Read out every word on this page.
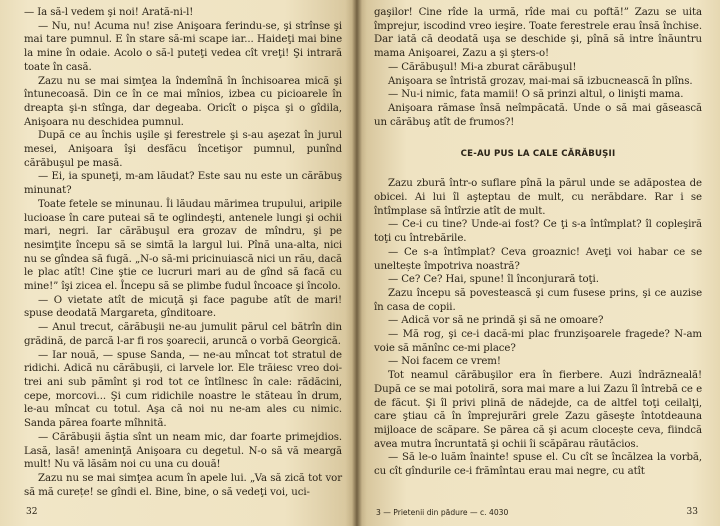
— Ia să-l vedem şi noi! Arată-ni-l!

— Nu, nu! Acuma nu! zise Anişoara ferindu-se, şi strînse şi mai tare pumnul. E în stare să-mi scape iar... Haideţi mai bine la mine în odaie. Acolo o să-l puteţi vedea cît vreţi! Şi intrară toate în casă.

Zazu nu se mai simţea la îndemînă în închisoarea mică şi întunecoasă. Din ce în ce mai mînios, izbea cu picioarele în dreapta şi-n stînga, dar degeaba. Oricît o pişca şi o gîdila, Anişoara nu deschidea pumnul.

După ce au închis uşile şi ferestrele şi s-au aşezat în jurul mesei, Anişoara îşi desfăcu încetişor pumnul, punînd cărăbuşul pe masă.

— Ei, ia spuneţi, m-am lăudat? Este sau nu este un cărăbuş minunat?

Toate fetele se minunau. Îi lăudau mărimea trupului, aripile lucioase în care puteai să te oglindeşti, antenele lungi şi ochii mari, negri. Iar cărăbuşul era grozav de mîndru, şi pe nesimţite începu să se simtă la largul lui. Pînă una-alta, nici nu se gîndea să fugă. „N-o să-mi pricinuiască nici un rău, dacă le plac atît! Cine ştie ce lucruri mari au de gînd să facă cu mine!” îşi zicea el. Începu să se plimbe fudul încoace şi încolo.

— O vietate atît de micuţă şi face pagube atît de mari! spuse deodată Margareta, gînditoare.

— Anul trecut, cărăbuşii ne-au jumulit părul cel bătrîn din grădină, de parcă l-ar fi ros şoarecii, aruncă o vorbă Georgică.

— Iar nouă, — spuse Sanda, — ne-au mîncat tot stratul de ridichi. Adică nu cărăbuşii, ci larvele lor. Ele trăiesc vreo doi-trei ani sub pămînt şi rod tot ce întîlnesc în cale: rădăcini, cepe, morcovi... Şi cum ridichile noastre le stăteau în drum, le-au mîncat cu totul. Aşa că noi nu ne-am ales cu nimic. Sanda părea foarte mîhnită.

— Cărăbuşii ăştia sînt un neam mic, dar foarte primejdios. Lasă, lasă! ameninţă Anişoara cu degetul. N-o să vă meargă mult! Nu vă lăsăm noi cu una cu două!

Zazu nu se mai simţea acum în apele lui. „Va să zică tot vor să mă curețe! se gîndi el. Bine, bine, o să vedeţi voi, uci-

32

gaşilor! Cine rîde la urmă, rîde mai cu poftă!” Zazu se uita împrejur, iscodind vreo ieşire. Toate ferestrele erau însă închise. Dar iată că deodată uşa se deschide şi, pînă să intre înăuntru mama Anişoarei, Zazu a şi şters-o!

— Cărăbuşul! Mi-a zburat cărăbuşul!

Anişoara se întristă grozav, mai-mai să izbucnească în plîns.

— Nu-i nimic, fata mamii! O să prinzi altul, o linişti mama.

Anişoara rămase însă neîmpăcată. Unde o să mai găsească un cărăbuş atît de frumos?!

CE-AU PUS LA CALE CĂRĂBUŞII

Zazu zbură într-o suflare pînă la părul unde se adăpostea de obicei. Ai lui îl aşteptau de mult, cu nerăbdare. Rar i se întîmplase să întîrzie atît de mult.

— Ce-i cu tine? Unde-ai fost? Ce ţi s-a întîmplat? îl copleşiră toţi cu întrebările.

— Ce s-a întîmplat? Ceva groaznic! Aveţi voi habar ce se uneltește împotriva noastră?

— Ce? Ce? Hai, spune! îl înconjurară toţi.

Zazu începu să povestească şi cum fusese prins, şi ce auzise în casa de copii.

— Adică vor să ne prindă şi să ne omoare?

— Mă rog, şi ce-i dacă-mi plac frunzişoarele fragede? N-am voie să mănînc ce-mi place?

— Noi facem ce vrem!

Tot neamul cărăbuşilor era în fierbere. Auzi îndrăzneală! După ce se mai potoliră, sora mai mare a lui Zazu îl întrebă ce e de făcut. Şi îl privi plină de nădejde, ca de altfel toţi ceilalţi, care ştiau că în împrejurări grele Zazu găseşte întotdeauna mijloace de scăpare. Se părea că şi acum clocește ceva, fiindcă avea mutra încruntată şi ochii îi scăpărau răutăcios.

— Să le-o luăm înainte! spuse el. Cu cît se încălzea la vorbă, cu cît gîndurile ce-i frămîntau erau mai negre, cu atît

3 — Prietenii din pădure — c. 4030	33
